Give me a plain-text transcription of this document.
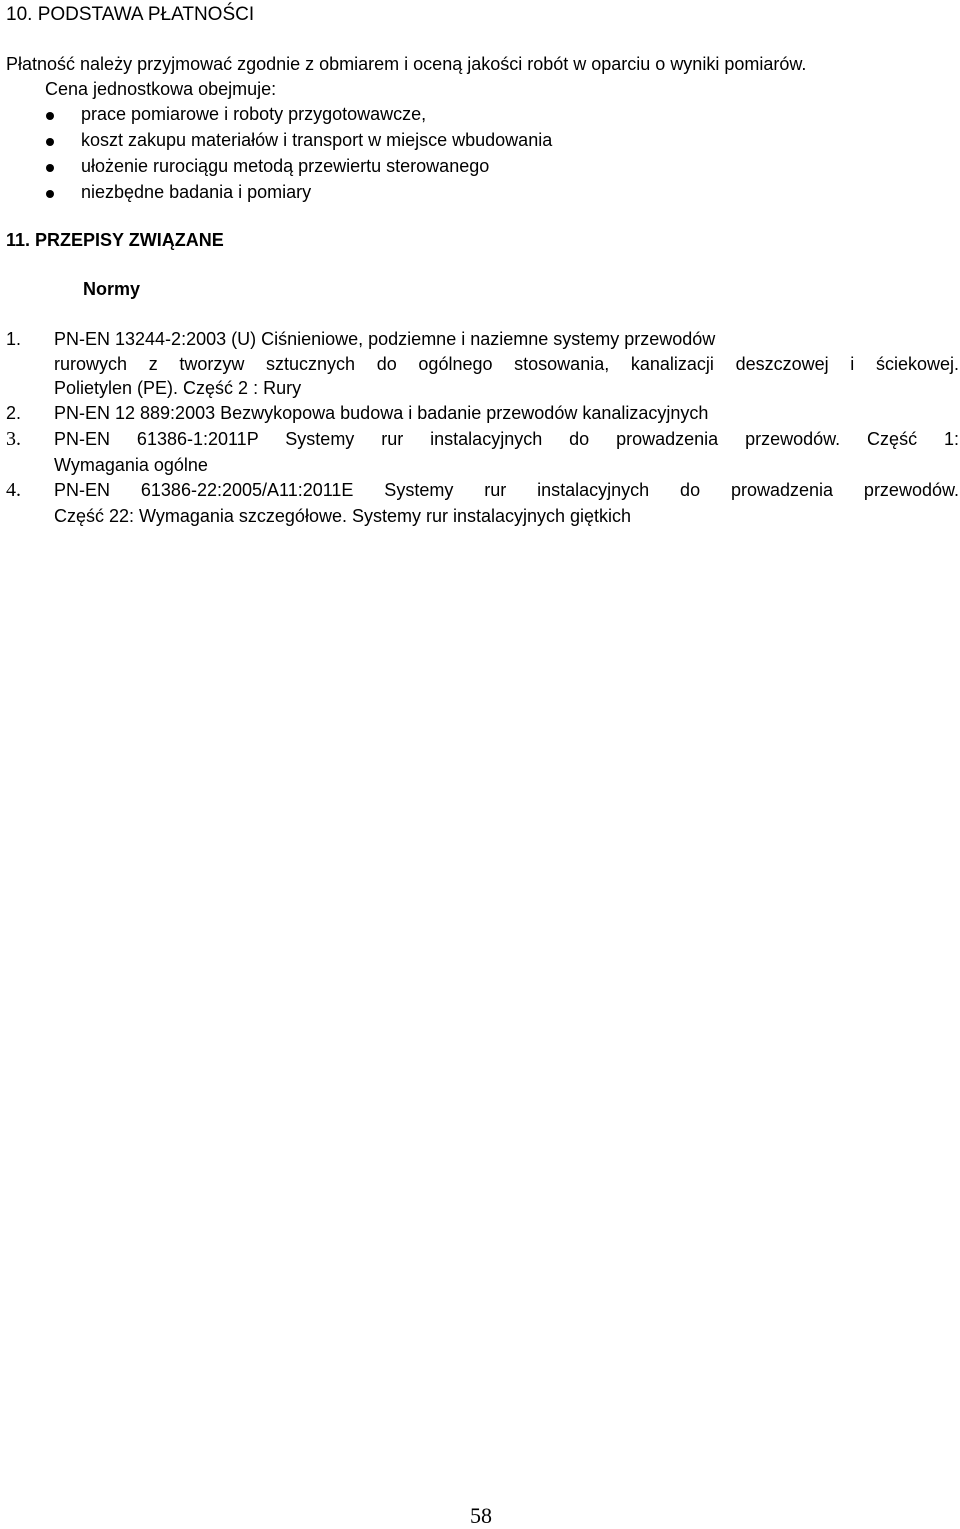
10. PODSTAWA PŁATNOŚCI
Płatność należy przyjmować zgodnie z obmiarem i oceną jakości robót w oparciu o wyniki pomiarów.
Cena jednostkowa obejmuje:
prace pomiarowe i roboty przygotowawcze,
koszt zakupu materiałów i transport w miejsce wbudowania
ułożenie rurociągu metodą przewiertu sterowanego
niezbędne badania i pomiary
11. PRZEPISY ZWIĄZANE
Normy
1. PN-EN 13244-2:2003 (U) Ciśnieniowe, podziemne i naziemne systemy przewodów
rurowych z tworzyw sztucznych do ogólnego stosowania, kanalizacji deszczowej i ściekowej.
Polietylen (PE). Część 2 : Rury
2. PN-EN 12 889:2003 Bezwykopowa budowa i badanie przewodów kanalizacyjnych
3. PN-EN 61386-1:2011P Systemy rur instalacyjnych do prowadzenia przewodów. Część 1:
Wymagania ogólne
4. PN-EN 61386-22:2005/A11:2011E Systemy rur instalacyjnych do prowadzenia przewodów.
Część 22: Wymagania szczegółowe. Systemy rur instalacyjnych giętkich
58
